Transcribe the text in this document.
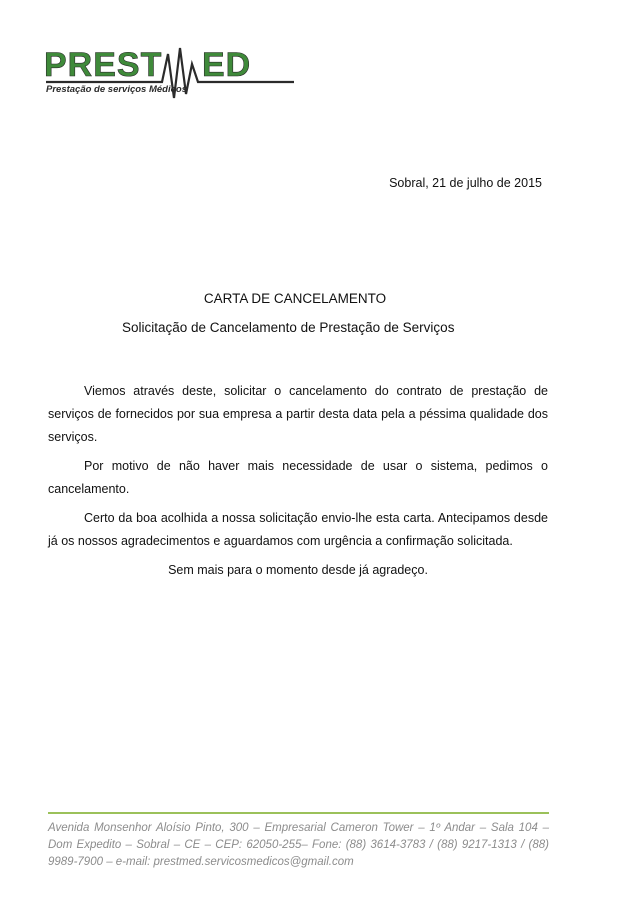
PREST ED
Prestação de serviços Médicos
Sobral, 21 de julho de 2015
CARTA DE CANCELAMENTO
Solicitação de Cancelamento de Prestação de Serviços

Viemos através deste, solicitar o cancelamento do contrato de prestação de serviços de fornecidos por sua empresa a partir desta data pela a péssima qualidade dos serviços.

Por motivo de não haver mais necessidade de usar o sistema, pedimos o cancelamento.

Certo da boa acolhida a nossa solicitação envio-lhe esta carta. Antecipamos desde já os nossos agradecimentos e aguardamos com urgência a confirmação solicitada.

Sem mais para o momento desde já agradeço.

Avenida Monsenhor Aloísio Pinto, 300 – Empresarial Cameron Tower – 1º Andar – Sala 104 – Dom Expedito – Sobral – CE – CEP: 62050-255– Fone: (88) 3614-3783 / (88) 9217-1313 / (88) 9989-7900 – e-mail: prestmed.servicosmedicos@gmail.com
